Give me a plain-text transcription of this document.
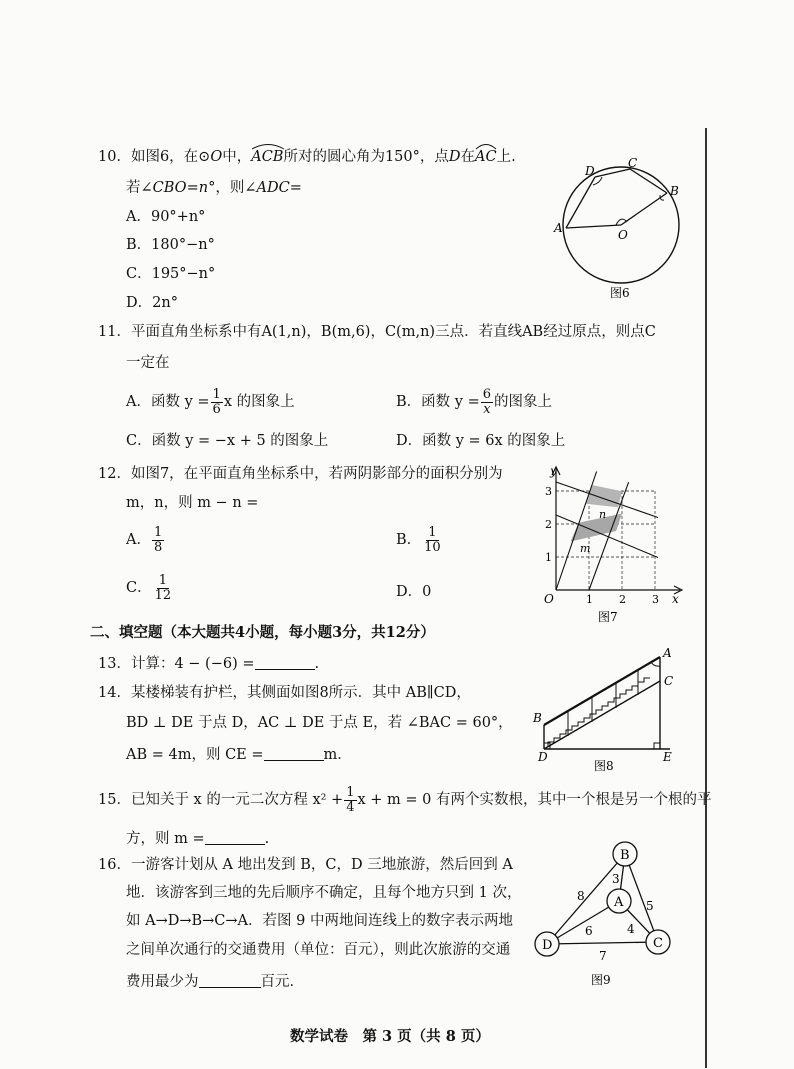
10．如图6，在⊙O中，ACB
所对的圆心角为150°，点D在AC
上.
若∠CBO=n°，则∠ADC=
A．90°+n°
B．180°−n°
C．195°−n°
D．2n°
D
C
B
A	O
图6
11．平面直角坐标系中有A(1,n)，B(m,6)，C(m,n)三点．若直线AB经过原点，则点C
一定在
A．函数 $y = \frac{1}{6}$ x 的图象上	B．函数 $y = \frac{6}{x}$ 的图象上
C．函数 y = −x + 5 的图象上	D．函数 y = 6x 的图象上
12．如图7，在平面直角坐标系中，若两阴影部分的面积分别为
m，n，则 m − n =
A． $\frac{1}{8}$	B． $\frac{1}{10}$
C． $\frac{1}{12}$	D．0
y
x
O	1 2 3
1
2
3
n
m
图7
二、填空题（本大题共4小题，每小题3分，共12分）
13．计算：4 − (−6) =	.
14．某楼梯装有护栏，其侧面如图8所示．其中 AB∥CD，
BD ⊥ DE 于点 D，AC ⊥ DE 于点 E，若 ∠BAC = 60°，
AB = 4m，则 CE =	m．
A
B
C
D	E
图8
15．已知关于 x 的一元二次方程 $x^2 + \frac{1}{4}$ x + m = 0 有两个实数根，其中一个根是另一个根的平
方，则 m =	.
16．一游客计划从 A 地出发到 B，C，D 三地旅游，然后回到 A
地．该游客到三地的先后顺序不确定，且每个地方只到 1 次，
如 A→D→B→C→A．若图 9 中两地间连线上的数字表示两地
之间单次通行的交通费用（单位：百元），则此次旅游的交通
费用最少为	百元．
B
A
D	C
8
3
5
6	4
7
图9
数学试卷　第 3 页（共 8 页）
